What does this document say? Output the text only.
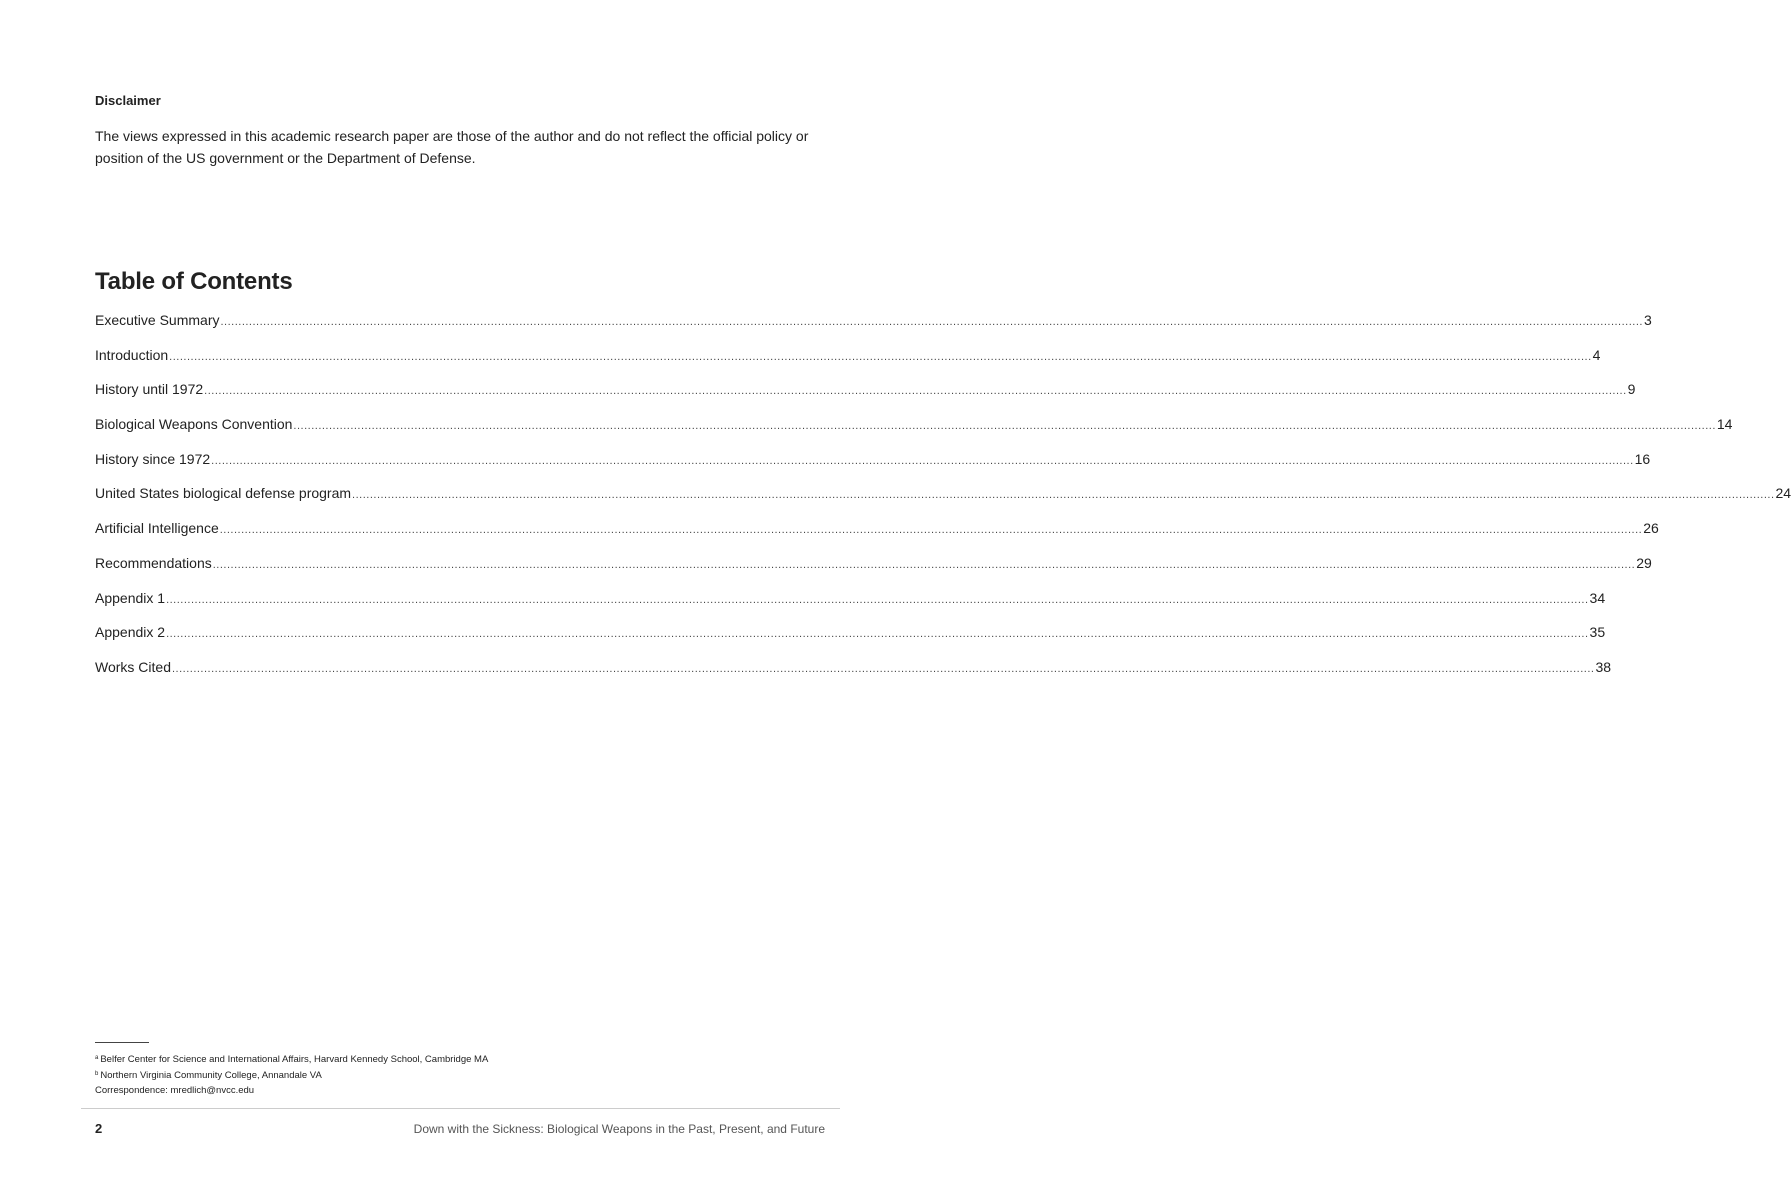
Disclaimer
The views expressed in this academic research paper are those of the author and do not reflect the official policy or position of the US government or the Department of Defense.
Table of Contents
Executive Summary ................................................................................................................................................................................................................................................................................................................................................................................................................ 3
Introduction ................................................................................................................................................................................................................................................................................................................................................................................................................ 4
History until 1972 ................................................................................................................................................................................................................................................................................................................................................................................................................ 9
Biological Weapons Convention ................................................................................................................................................................................................................................................................................................................................................................................................................ 14
History since 1972 ................................................................................................................................................................................................................................................................................................................................................................................................................ 16
United States biological defense program ................................................................................................................................................................................................................................................................................................................................................................................................................ 24
Artificial Intelligence ................................................................................................................................................................................................................................................................................................................................................................................................................ 26
Recommendations ................................................................................................................................................................................................................................................................................................................................................................................................................ 29
Appendix 1 ................................................................................................................................................................................................................................................................................................................................................................................................................ 34
Appendix 2 ................................................................................................................................................................................................................................................................................................................................................................................................................ 35
Works Cited ................................................................................................................................................................................................................................................................................................................................................................................................................ 38
$^a$ Belfer Center for Science and International Affairs, Harvard Kennedy School, Cambridge MA
$^b$ Northern Virginia Community College, Annandale VA
Correspondence: mredlich@nvcc.edu
2	Down with the Sickness: Biological Weapons in the Past, Present, and Future
